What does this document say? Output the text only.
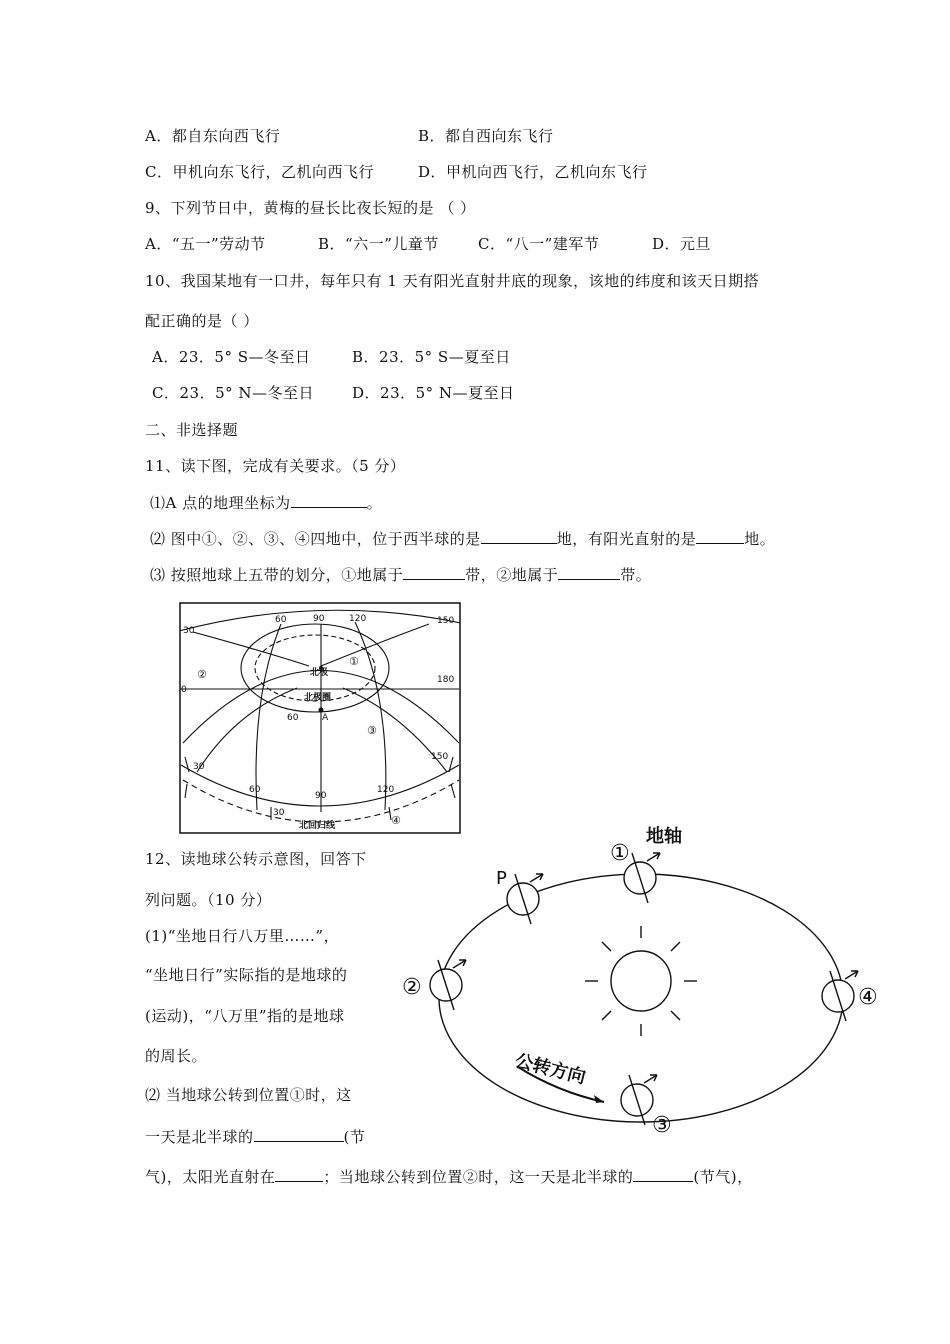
A．都自东向西飞行	B．都自西向东飞行
C．甲机向东飞行，乙机向西飞行	D．甲机向西飞行，乙机向东飞行
9、下列节日中，黄梅的昼长比夜长短的是 （ ）
A．“五一”劳动节	B．“六一”儿童节	C．“八一”建军节	D．元旦
10、我国某地有一口井，每年只有 1 天有阳光直射井底的现象，该地的纬度和该天日期搭
配正确的是（ ）
A．23．5° S—冬至日	B．23．5° S—夏至日
C．23．5° N—冬至日	D．23．5° N—夏至日
二、非选择题
11、读下图，完成有关要求。（5 分）
⑴A 点的地理坐标为	。
⑵ 图中①、②、③、④四地中，位于西半球的是	地，有阳光直射的是	地。
⑶ 按照地球上五带的划分，①地属于	带，②地属于	带。
60	90	120	150
30
0
180
北极
北极圈
60	A
30
150
60
90
120
30
北回归线
①
②
③
④
12、读地球公转示意图，回答下
列问题。（10 分）
(1)“坐地日行八万里……”，
“坐地日行”实际指的是地球的
(运动)，“八万里”指的是地球
的周长。
⑵ 当地球公转到位置①时，这
一天是北半球的	(节
气)，太阳光直射在	；当地球公转到位置②时，这一天是北半球的	(节气)，
①
地轴
P
②	④
③
公转方向
